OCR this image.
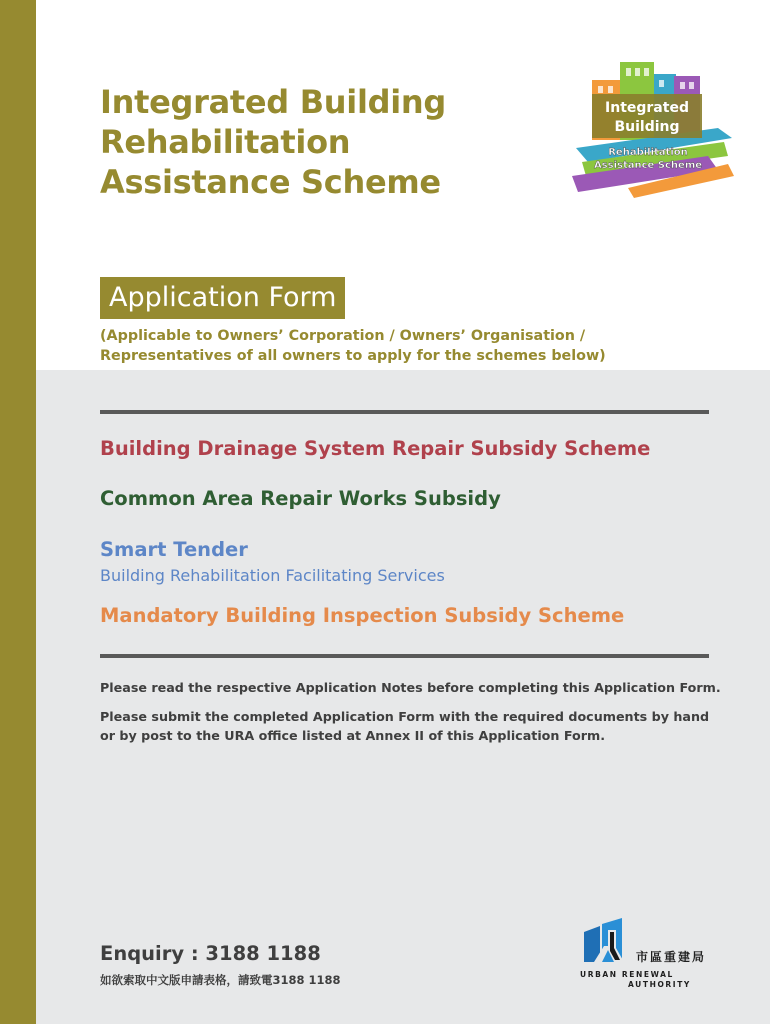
Integrated Building
Rehabilitation
Assistance Scheme
Integrated
Building
Rehabilitation
Assistance Scheme
Application Form
(Applicable to Owners’ Corporation / Owners’ Organisation /
Representatives of all owners to apply for the schemes below)
Building Drainage System Repair Subsidy Scheme
Common Area Repair Works Subsidy
Smart Tender
Building Rehabilitation Facilitating Services
Mandatory Building Inspection Subsidy Scheme
Please read the respective Application Notes before completing this Application Form.
Please submit the completed Application Form with the required documents by hand
or by post to the URA office listed at Annex II of this Application Form.
Enquiry : 3188 1188
如欲索取中文版申請表格，請致電3188 1188
市區重建局
URBAN RENEWAL
AUTHORITY
